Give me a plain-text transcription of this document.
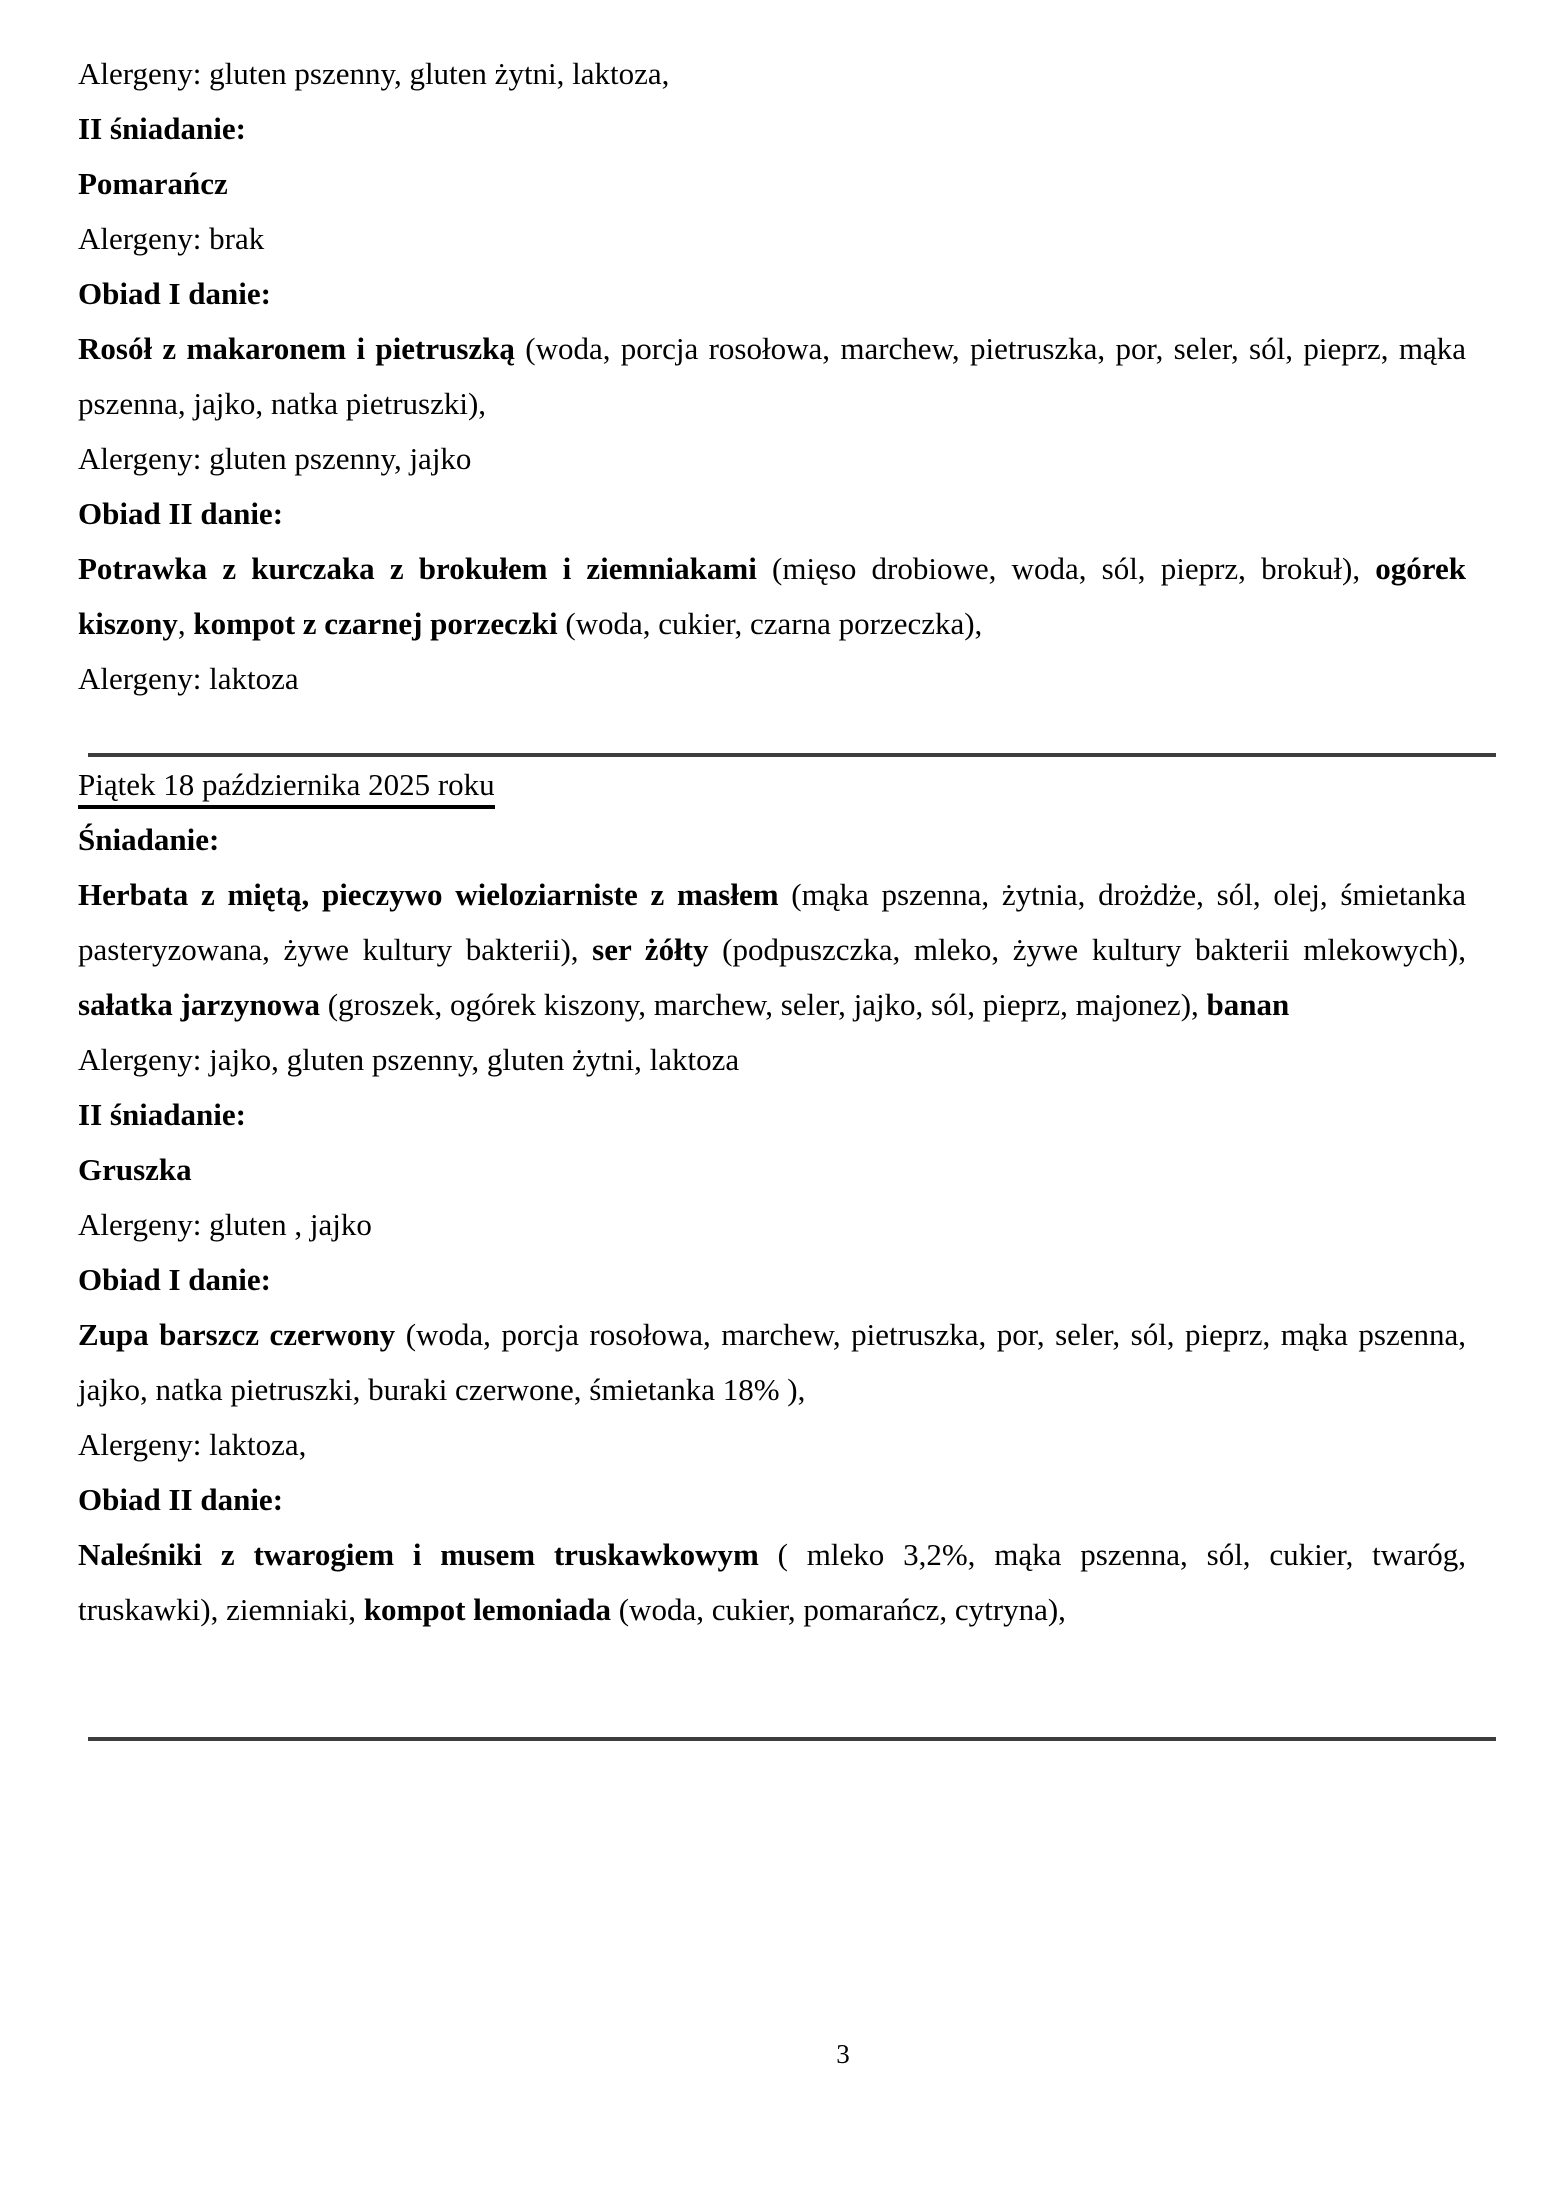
Alergeny: gluten pszenny, gluten żytni, laktoza,

II śniadanie:

Pomarańcz

Alergeny: brak

Obiad I danie:

Rosół z makaronem i pietruszką (woda, porcja rosołowa, marchew, pietruszka, por, seler, sól, pieprz, mąka pszenna, jajko, natka pietruszki),

Alergeny: gluten pszenny, jajko

Obiad II danie:

Potrawka z kurczaka z brokułem i ziemniakami (mięso drobiowe, woda, sól, pieprz, brokuł), ogórek kiszony, kompot z czarnej porzeczki (woda, cukier, czarna porzeczka),

Alergeny: laktoza

Piątek 18 października 2025 roku

Śniadanie:

Herbata z miętą, pieczywo wieloziarniste z masłem (mąka pszenna, żytnia, drożdże, sól, olej, śmietanka pasteryzowana, żywe kultury bakterii), ser żółty (podpuszczka, mleko, żywe kultury bakterii mlekowych), sałatka jarzynowa (groszek, ogórek kiszony, marchew, seler, jajko, sól, pieprz, majonez), banan

Alergeny: jajko, gluten pszenny, gluten żytni, laktoza

II śniadanie:

Gruszka

Alergeny: gluten , jajko

Obiad I danie:

Zupa barszcz czerwony (woda, porcja rosołowa, marchew, pietruszka, por, seler, sól, pieprz, mąka pszenna, jajko, natka pietruszki, buraki czerwone, śmietanka 18% ),

Alergeny: laktoza,

Obiad II danie:

Naleśniki z twarogiem i musem truskawkowym ( mleko 3,2%, mąka pszenna, sól, cukier, twaróg, truskawki), ziemniaki, kompot lemoniada (woda, cukier, pomarańcz, cytryna),

3
